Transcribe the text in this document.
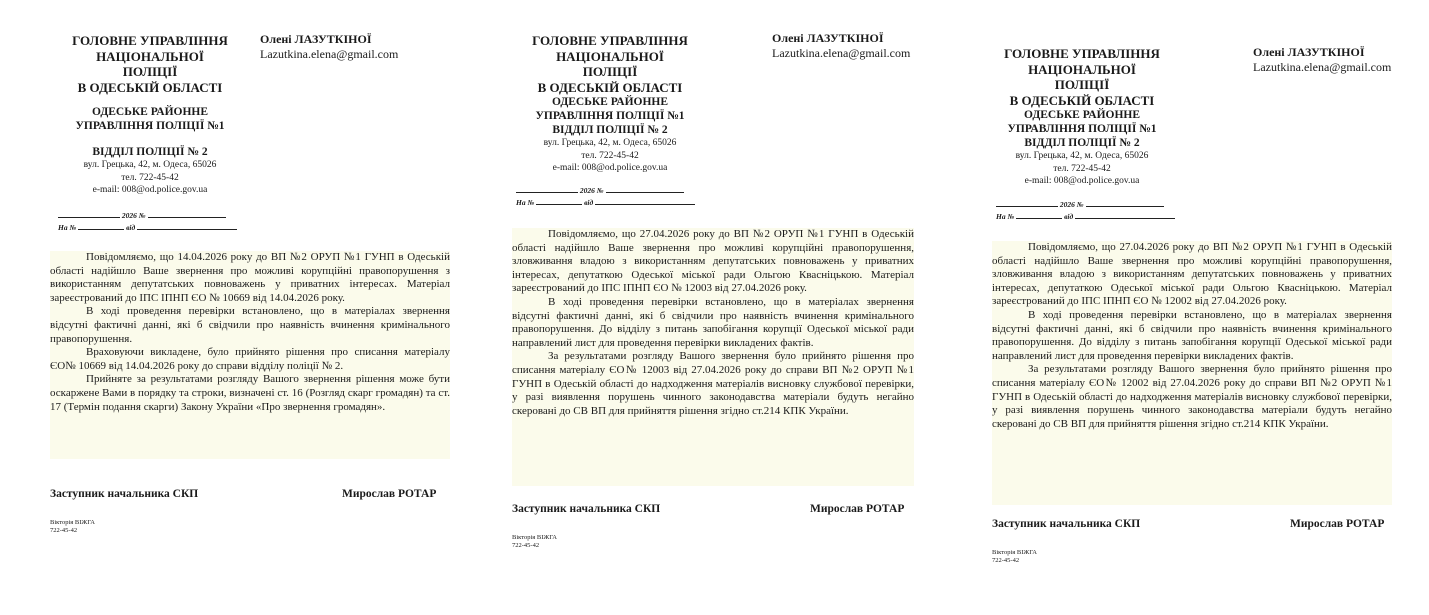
ГОЛОВНЕ УПРАВЛІННЯ

НАЦІОНАЛЬНОЇ

ПОЛІЦІЇ

В ОДЕСЬКІЙ ОБЛАСТІ

ОДЕСЬКЕ РАЙОННЕ

УПРАВЛІННЯ ПОЛІЦІЇ №1

ВІДДІЛ ПОЛІЦІЇ № 2

вул. Грецька, 42, м. Одеса, 65026

тел. 722-45-42

e-mail: 008@od.police.gov.ua

Олені ЛАЗУТКІНОЇ
Lazutkina.elena@gmail.com
2026 №
На №	від

Повідомляємо, що 14.04.2026 року до ВП №2 ОРУП №1 ГУНП в Одеській області надійшло Ваше звернення про можливі корупційні правопорушення з використанням депутатських повноважень у приватних інтересах. Матеріал зареєстрований до ІПС ІПНП ЄО № 10669 від 14.04.2026 року.

В ході проведення перевірки встановлено, що в матеріалах звернення відсутні фактичні данні, які б свідчили про наявність вчинення кримінального правопорушення.

Враховуючи викладене, було прийнято рішення про списання матеріалу ЄО№ 10669 від 14.04.2026 року до справи відділу поліції № 2.

Прийняте за результатами розгляду Вашого звернення рішення може бути оскаржене Вами в порядку та строки, визначені ст. 16 (Розгляд скарг громадян) та ст. 17 (Термін подання скарги) Закону України «Про звернення громадян».

Заступник начальника СКП	Мирослав РОТАР
Вікторія ВІЖГА
722-45-42

ГОЛОВНЕ УПРАВЛІННЯ

НАЦІОНАЛЬНОЇ

ПОЛІЦІЇ

В ОДЕСЬКІЙ ОБЛАСТІ

ОДЕСЬКЕ РАЙОННЕ

УПРАВЛІННЯ ПОЛІЦІЇ №1

ВІДДІЛ ПОЛІЦІЇ № 2

вул. Грецька, 42, м. Одеса, 65026

тел. 722-45-42

e-mail: 008@od.police.gov.ua

Олені ЛАЗУТКІНОЇ
Lazutkina.elena@gmail.com
2026 №
На №	від

Повідомляємо, що 27.04.2026 року до ВП №2 ОРУП №1 ГУНП в Одеській області надійшло Ваше звернення про можливі корупційні правопорушення, зловживання владою з використанням депутатських повноважень у приватних інтересах, депутаткою Одеської міської ради Ольгою Квасніцькою. Матеріал зареєстрований до ІПС ІПНП ЄО № 12003 від 27.04.2026 року.

В ході проведення перевірки встановлено, що в матеріалах звернення відсутні фактичні данні, які б свідчили про наявність вчинення кримінального правопорушення. До відділу з питань запобігання корупції Одеської міської ради направлений лист для проведення перевірки викладених фактів.

За результатами розгляду Вашого звернення було прийнято рішення про списання матеріалу ЄО№ 12003 від 27.04.2026 року до справи ВП №2 ОРУП №1 ГУНП в Одеській області до надходження матеріалів висновку службової перевірки, у разі виявлення порушень чинного законодавства матеріали будуть негайно скеровані до СВ ВП для прийняття рішення згідно ст.214 КПК України.

Заступник начальника СКП	Мирослав РОТАР
Вікторія ВІЖГА
722-45-42

ГОЛОВНЕ УПРАВЛІННЯ

НАЦІОНАЛЬНОЇ

ПОЛІЦІЇ

В ОДЕСЬКІЙ ОБЛАСТІ

ОДЕСЬКЕ РАЙОННЕ

УПРАВЛІННЯ ПОЛІЦІЇ №1

ВІДДІЛ ПОЛІЦІЇ № 2

вул. Грецька, 42, м. Одеса, 65026

тел. 722-45-42

e-mail: 008@od.police.gov.ua

Олені ЛАЗУТКІНОЇ
Lazutkina.elena@gmail.com
2026 №
На №	від

Повідомляємо, що 27.04.2026 року до ВП №2 ОРУП №1 ГУНП в Одеській області надійшло Ваше звернення про можливі корупційні правопорушення, зловживання владою з використанням депутатських повноважень у приватних інтересах, депутаткою Одеської міської ради Ольгою Квасніцькою. Матеріал зареєстрований до ІПС ІПНП ЄО № 12002 від 27.04.2026 року.

В ході проведення перевірки встановлено, що в матеріалах звернення відсутні фактичні данні, які б свідчили про наявність вчинення кримінального правопорушення. До відділу з питань запобігання корупції Одеської міської ради направлений лист для проведення перевірки викладених фактів.

За результатами розгляду Вашого звернення було прийнято рішення про списання матеріалу ЄО№ 12002 від 27.04.2026 року до справи ВП №2 ОРУП №1 ГУНП в Одеській області до надходження матеріалів висновку службової перевірки, у разі виявлення порушень чинного законодавства матеріали будуть негайно скеровані до СВ ВП для прийняття рішення згідно ст.214 КПК України.

Заступник начальника СКП	Мирослав РОТАР
Вікторія ВІЖГА
722-45-42
